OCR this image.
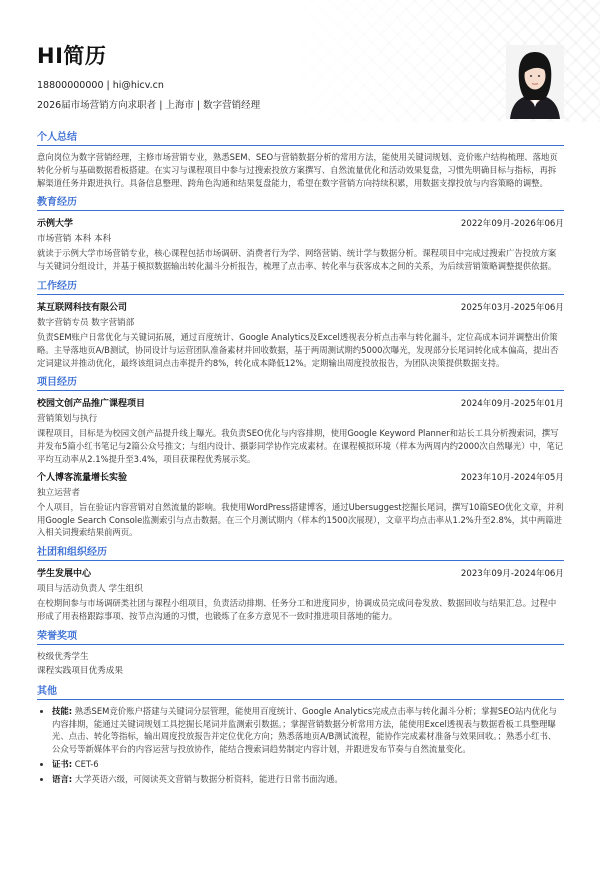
HI简历
18800000000 | hi@hicv.cn
2026届市场营销方向求职者 | 上海市 | 数字营销经理
个人总结
意向岗位为数字营销经理，主修市场营销专业，熟悉SEM、SEO与营销数据分析的常用方法，能使用关键词规划、竞价账户结构梳理、落地页转化分析与基础数据看板搭建。在实习与课程项目中参与过搜索投放方案撰写、自然流量优化和活动效果复盘，习惯先明确目标与指标，再拆解渠道任务并跟进执行。具备信息整理、跨角色沟通和结果复盘能力，希望在数字营销方向持续积累，用数据支撑投放与内容策略的调整。
教育经历
示例大学	2022年09月-2026年06月
市场营销 本科 本科
就读于示例大学市场营销专业，核心课程包括市场调研、消费者行为学、网络营销、统计学与数据分析。课程项目中完成过搜索广告投放方案与关键词分组设计，并基于模拟数据输出转化漏斗分析报告，梳理了点击率、转化率与获客成本之间的关系，为后续营销策略调整提供依据。
工作经历
某互联网科技有限公司	2025年03月-2025年06月
数字营销专员 数字营销部
负责SEM账户日常优化与关键词拓展，通过百度统计、Google Analytics及Excel透视表分析点击率与转化漏斗，定位高成本词并调整出价策略。主导落地页A/B测试，协同设计与运营团队准备素材并回收数据，基于两周测试期约5000次曝光，发现部分长尾词转化成本偏高，提出否定词建议并推动优化，最终该组词点击率提升约8%，转化成本降低12%。定期输出周度投放报告，为团队决策提供数据支持。
项目经历
校园文创产品推广课程项目	2024年09月-2025年01月
营销策划与执行
课程项目，目标是为校园文创产品提升线上曝光。我负责SEO优化与内容排期，使用Google Keyword Planner和站长工具分析搜索词，撰写并发布5篇小红书笔记与2篇公众号推文；与组内设计、摄影同学协作完成素材。在课程模拟环境（样本为两周内约2000次自然曝光）中，笔记平均互动率从2.1%提升至3.4%，项目获课程优秀展示奖。
个人博客流量增长实验	2023年10月-2024年05月
独立运营者
个人项目，旨在验证内容营销对自然流量的影响。我使用WordPress搭建博客，通过Ubersuggest挖掘长尾词，撰写10篇SEO优化文章，并利用Google Search Console监测索引与点击数据。在三个月测试期内（样本约1500次展现），文章平均点击率从1.2%升至2.8%，其中两篇进入相关词搜索结果前两页。
社团和组织经历
学生发展中心	2023年09月-2024年06月
项目与活动负责人 学生组织
在校期间参与市场调研类社团与课程小组项目，负责活动排期、任务分工和进度同步，协调成员完成问卷发放、数据回收与结果汇总。过程中形成了用表格跟踪事项、按节点沟通的习惯，也锻炼了在多方意见不一致时推进项目落地的能力。
荣誉奖项
校级优秀学生
课程实践项目优秀成果
其他
• 技能: 熟悉SEM竞价账户搭建与关键词分层管理，能使用百度统计、Google Analytics完成点击率与转化漏斗分析；掌握SEO站内优化与内容排期，能通过关键词规划工具挖掘长尾词并监测索引数据。；掌握营销数据分析常用方法，能使用Excel透视表与数据看板工具整理曝光、点击、转化等指标，输出周度投放报告并定位优化方向；熟悉落地页A/B测试流程，能协作完成素材准备与效果回收。；熟悉小红书、公众号等新媒体平台的内容运营与投放协作，能结合搜索词趋势制定内容计划，并跟进发布节奏与自然流量变化。
• 证书: CET-6
• 语言: 大学英语六级，可阅读英文营销与数据分析资料，能进行日常书面沟通。
